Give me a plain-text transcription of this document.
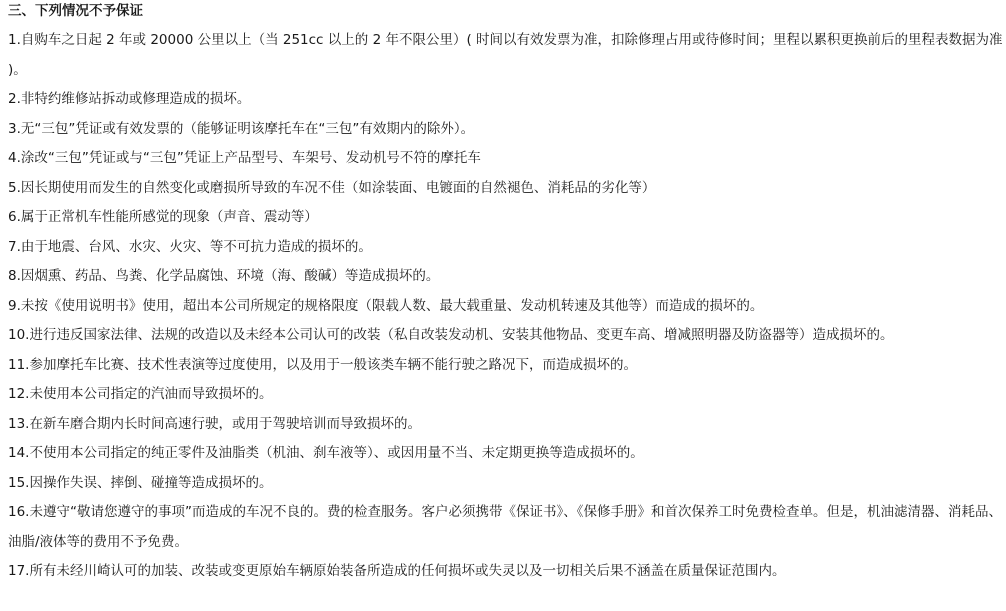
三、下列情况不予保证

1.自购车之日起 2 年或 20000 公里以上（当 251cc 以上的 2 年不限公里）( 时间以有效发票为准，扣除修理占用或待修时间；里程以累积更换前后的里程表数据为准 )。

2.非特约维修站拆动或修理造成的损坏。

3.无“三包”凭证或有效发票的（能够证明该摩托车在“三包”有效期内的除外）。

4.涂改“三包”凭证或与“三包”凭证上产品型号、车架号、发动机号不符的摩托车

5.因长期使用而发生的自然变化或磨损所导致的车况不佳（如涂装面、电镀面的自然褪色、消耗品的劣化等）

6.属于正常机车性能所感觉的现象（声音、震动等）

7.由于地震、台风、水灾、火灾、等不可抗力造成的损坏的。

8.因烟熏、药品、鸟粪、化学品腐蚀、环境（海、酸碱）等造成损坏的。

9.未按《使用说明书》使用，超出本公司所规定的规格限度（限载人数、最大载重量、发动机转速及其他等）而造成的损坏的。

10.进行违反国家法律、法规的改造以及未经本公司认可的改装（私自改装发动机、安装其他物品、变更车高、增减照明器及防盗器等）造成损坏的。

11.参加摩托车比赛、技术性表演等过度使用，以及用于一般该类车辆不能行驶之路况下，而造成损坏的。

12.未使用本公司指定的汽油而导致损坏的。

13.在新车磨合期内长时间高速行驶，或用于驾驶培训而导致损坏的。

14.不使用本公司指定的纯正零件及油脂类（机油、刹车液等）、或因用量不当、未定期更换等造成损坏的。

15.因操作失误、摔倒、碰撞等造成损坏的。

16.未遵守“敬请您遵守的事项”而造成的车况不良的。费的检查服务。客户必须携带《保证书》、《保修手册》和首次保养工时免费检查单。但是，机油滤清器、消耗品、油脂/液体等的费用不予免费。

17.所有未经川崎认可的加装、改装或变更原始车辆原始装备所造成的任何损坏或失灵以及一切相关后果不涵盖在质量保证范围内。
